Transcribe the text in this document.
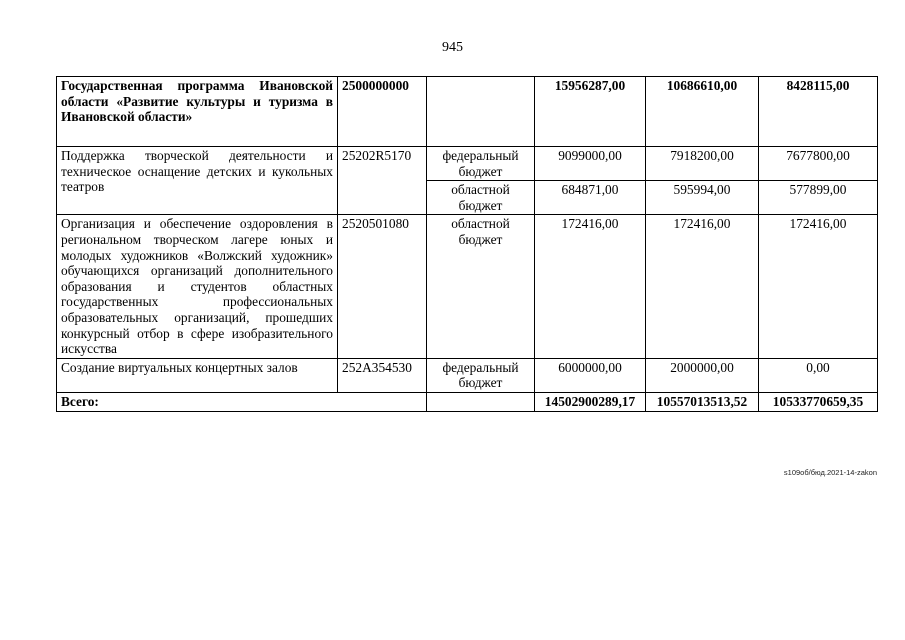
945
Государственная программа Ивановской области «Развитие культуры и туризма в Ивановской области»	2500000000		15956287,00	10686610,00	8428115,00
Поддержка творческой деятельности и техническое оснащение детских и кукольных театров	25202R5170	федеральный бюджет	9099000,00	7918200,00	7677800,00
		областной бюджет	684871,00	595994,00	577899,00
Организация и обеспечение оздоровления в региональном творческом лагере юных и молодых художников «Волжский художник» обучающихся организаций дополнительного образования и студентов областных государственных профессиональных образовательных организаций, прошедших конкурсный отбор в сфере изобразительного искусства	2520501080	областной бюджет	172416,00	172416,00	172416,00
Создание виртуальных концертных залов	252A354530	федеральный бюджет	6000000,00	2000000,00	0,00
Всего:			14502900289,17	10557013513,52	10533770659,35
s109об/бюд.2021-14-zakon
